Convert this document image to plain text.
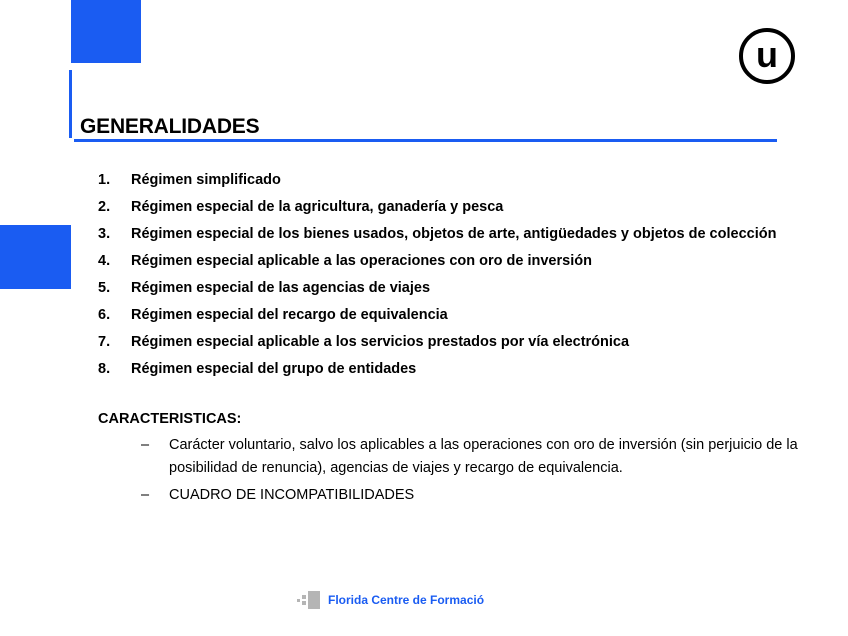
GENERALIDADES
u
1.	Régimen simplificado
2.	Régimen especial de la agricultura, ganadería y pesca
3.	Régimen especial de los bienes usados, objetos de arte, antigüedades y objetos de colección
4.	Régimen especial aplicable a las operaciones con oro de inversión
5.	Régimen especial de las agencias de viajes
6.	Régimen especial del recargo de equivalencia
7.	Régimen especial aplicable a los servicios prestados por vía electrónica
8.	Régimen especial del grupo de entidades
CARACTERISTICAS:
–	Carácter voluntario, salvo los aplicables a las operaciones con oro de inversión (sin perjuicio de la posibilidad de renuncia), agencias de viajes y recargo de equivalencia.
–	CUADRO DE INCOMPATIBILIDADES
Florida Centre de Formació
